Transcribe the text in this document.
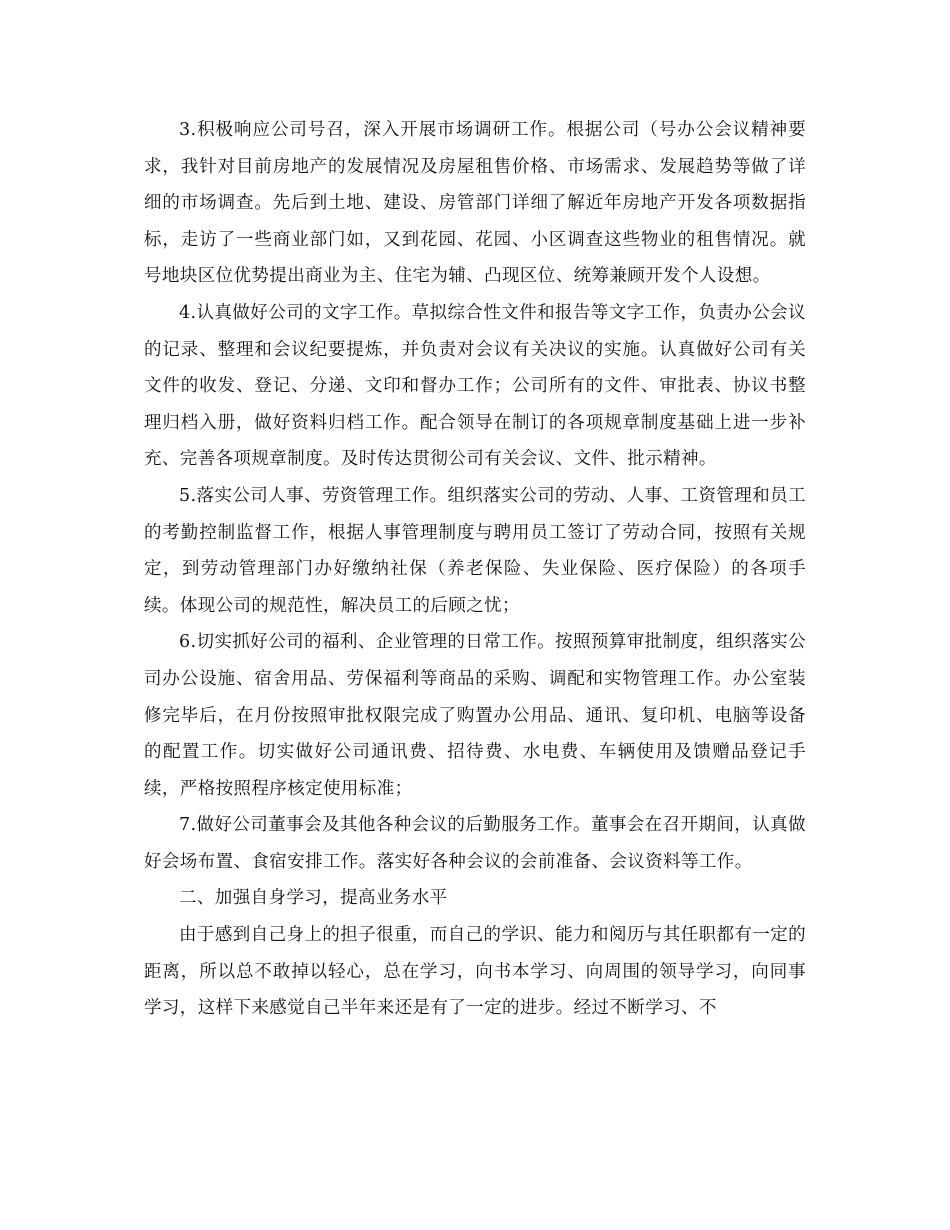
3.积极响应公司号召，深入开展市场调研工作。根据公司（号办公会议精神要求，我针对目前房地产的发展情况及房屋租售价格、市场需求、发展趋势等做了详细的市场调查。先后到土地、建设、房管部门详细了解近年房地产开发各项数据指标，走访了一些商业部门如，又到花园、花园、小区调查这些物业的租售情况。就号地块区位优势提出商业为主、住宅为辅、凸现区位、统筹兼顾开发个人设想。

4.认真做好公司的文字工作。草拟综合性文件和报告等文字工作，负责办公会议的记录、整理和会议纪要提炼，并负责对会议有关决议的实施。认真做好公司有关文件的收发、登记、分递、文印和督办工作；公司所有的文件、审批表、协议书整理归档入册，做好资料归档工作。配合领导在制订的各项规章制度基础上进一步补充、完善各项规章制度。及时传达贯彻公司有关会议、文件、批示精神。

5.落实公司人事、劳资管理工作。组织落实公司的劳动、人事、工资管理和员工的考勤控制监督工作，根据人事管理制度与聘用员工签订了劳动合同，按照有关规定，到劳动管理部门办好缴纳社保（养老保险、失业保险、医疗保险）的各项手续。体现公司的规范性，解决员工的后顾之忧；

6.切实抓好公司的福利、企业管理的日常工作。按照预算审批制度，组织落实公司办公设施、宿舍用品、劳保福利等商品的采购、调配和实物管理工作。办公室装修完毕后，在月份按照审批权限完成了购置办公用品、通讯、复印机、电脑等设备的配置工作。切实做好公司通讯费、招待费、水电费、车辆使用及馈赠品登记手续，严格按照程序核定使用标准；

7.做好公司董事会及其他各种会议的后勤服务工作。董事会在召开期间，认真做好会场布置、食宿安排工作。落实好各种会议的会前准备、会议资料等工作。

二、加强自身学习，提高业务水平

由于感到自己身上的担子很重，而自己的学识、能力和阅历与其任职都有一定的距离，所以总不敢掉以轻心，总在学习，向书本学习、向周围的领导学习，向同事学习，这样下来感觉自己半年来还是有了一定的进步。经过不断学习、不
